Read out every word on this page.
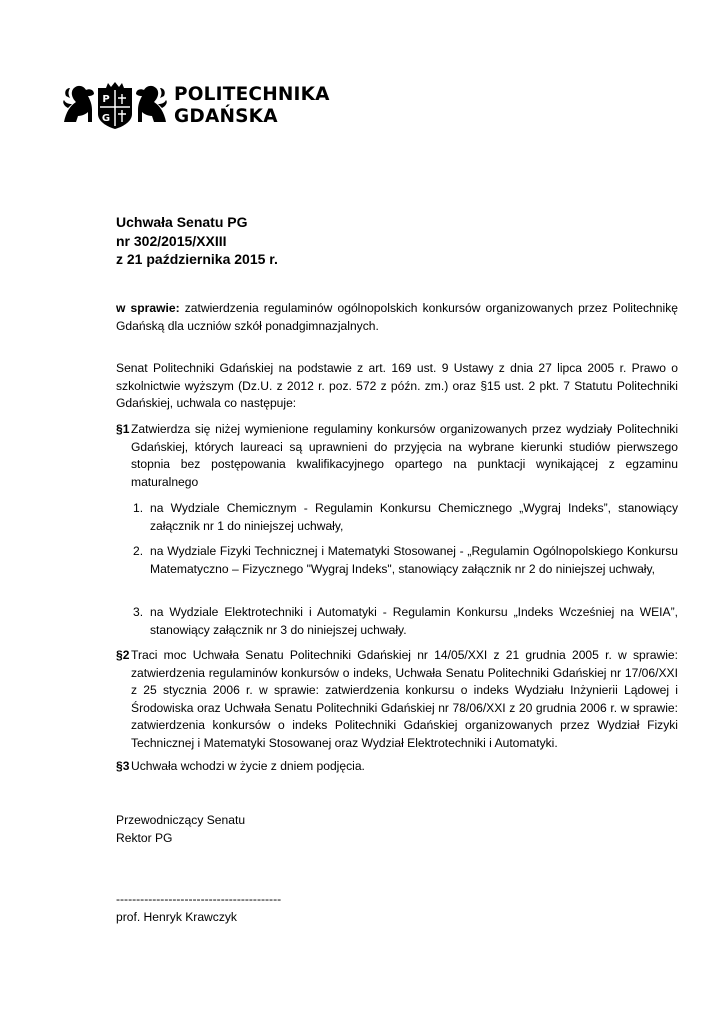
P
G
POLITECHNIKA
GDAŃSKA
Uchwała Senatu PG
nr 302/2015/XXIII
z 21 października 2015 r.
w sprawie: zatwierdzenia regulaminów ogólnopolskich konkursów organizowanych przez Politechnikę Gdańską dla uczniów szkół ponadgimnazjalnych.
Senat Politechniki Gdańskiej na podstawie z art. 169 ust. 9 Ustawy z dnia 27 lipca 2005 r. Prawo o szkolnictwie wyższym (Dz.U. z 2012 r. poz. 572 z późn. zm.) oraz §15 ust. 2 pkt. 7 Statutu Politechniki Gdańskiej, uchwala co następuje:
§1 Zatwierdza się niżej wymienione regulaminy konkursów organizowanych przez wydziały Politechniki Gdańskiej, których laureaci są uprawnieni do przyjęcia na wybrane kierunki studiów pierwszego stopnia bez postępowania kwalifikacyjnego opartego na punktacji wynikającej z egzaminu maturalnego
1. na Wydziale Chemicznym - Regulamin Konkursu Chemicznego „Wygraj Indeks”, stanowiący załącznik nr 1 do niniejszej uchwały,
2. na Wydziale Fizyki Technicznej i Matematyki Stosowanej - „Regulamin Ogólnopolskiego Konkursu Matematyczno – Fizycznego "Wygraj Indeks", stanowiący załącznik nr 2 do niniejszej uchwały,
3. na Wydziale Elektrotechniki i Automatyki - Regulamin Konkursu „Indeks Wcześniej na WEIA”, stanowiący załącznik nr 3 do niniejszej uchwały.
§2 Traci moc Uchwała Senatu Politechniki Gdańskiej nr 14/05/XXI z 21 grudnia 2005 r. w sprawie: zatwierdzenia regulaminów konkursów o indeks, Uchwała Senatu Politechniki Gdańskiej nr 17/06/XXI z 25 stycznia 2006 r. w sprawie: zatwierdzenia konkursu o indeks Wydziału Inżynierii Lądowej i Środowiska oraz Uchwała Senatu Politechniki Gdańskiej nr 78/06/XXI z 20 grudnia 2006 r. w sprawie: zatwierdzenia konkursów o indeks Politechniki Gdańskiej organizowanych przez Wydział Fizyki Technicznej i Matematyki Stosowanej oraz Wydział Elektrotechniki i Automatyki.
§3 Uchwała wchodzi w życie z dniem podjęcia.
Przewodniczący Senatu
Rektor PG
-----------------------------------------
prof. Henryk Krawczyk
